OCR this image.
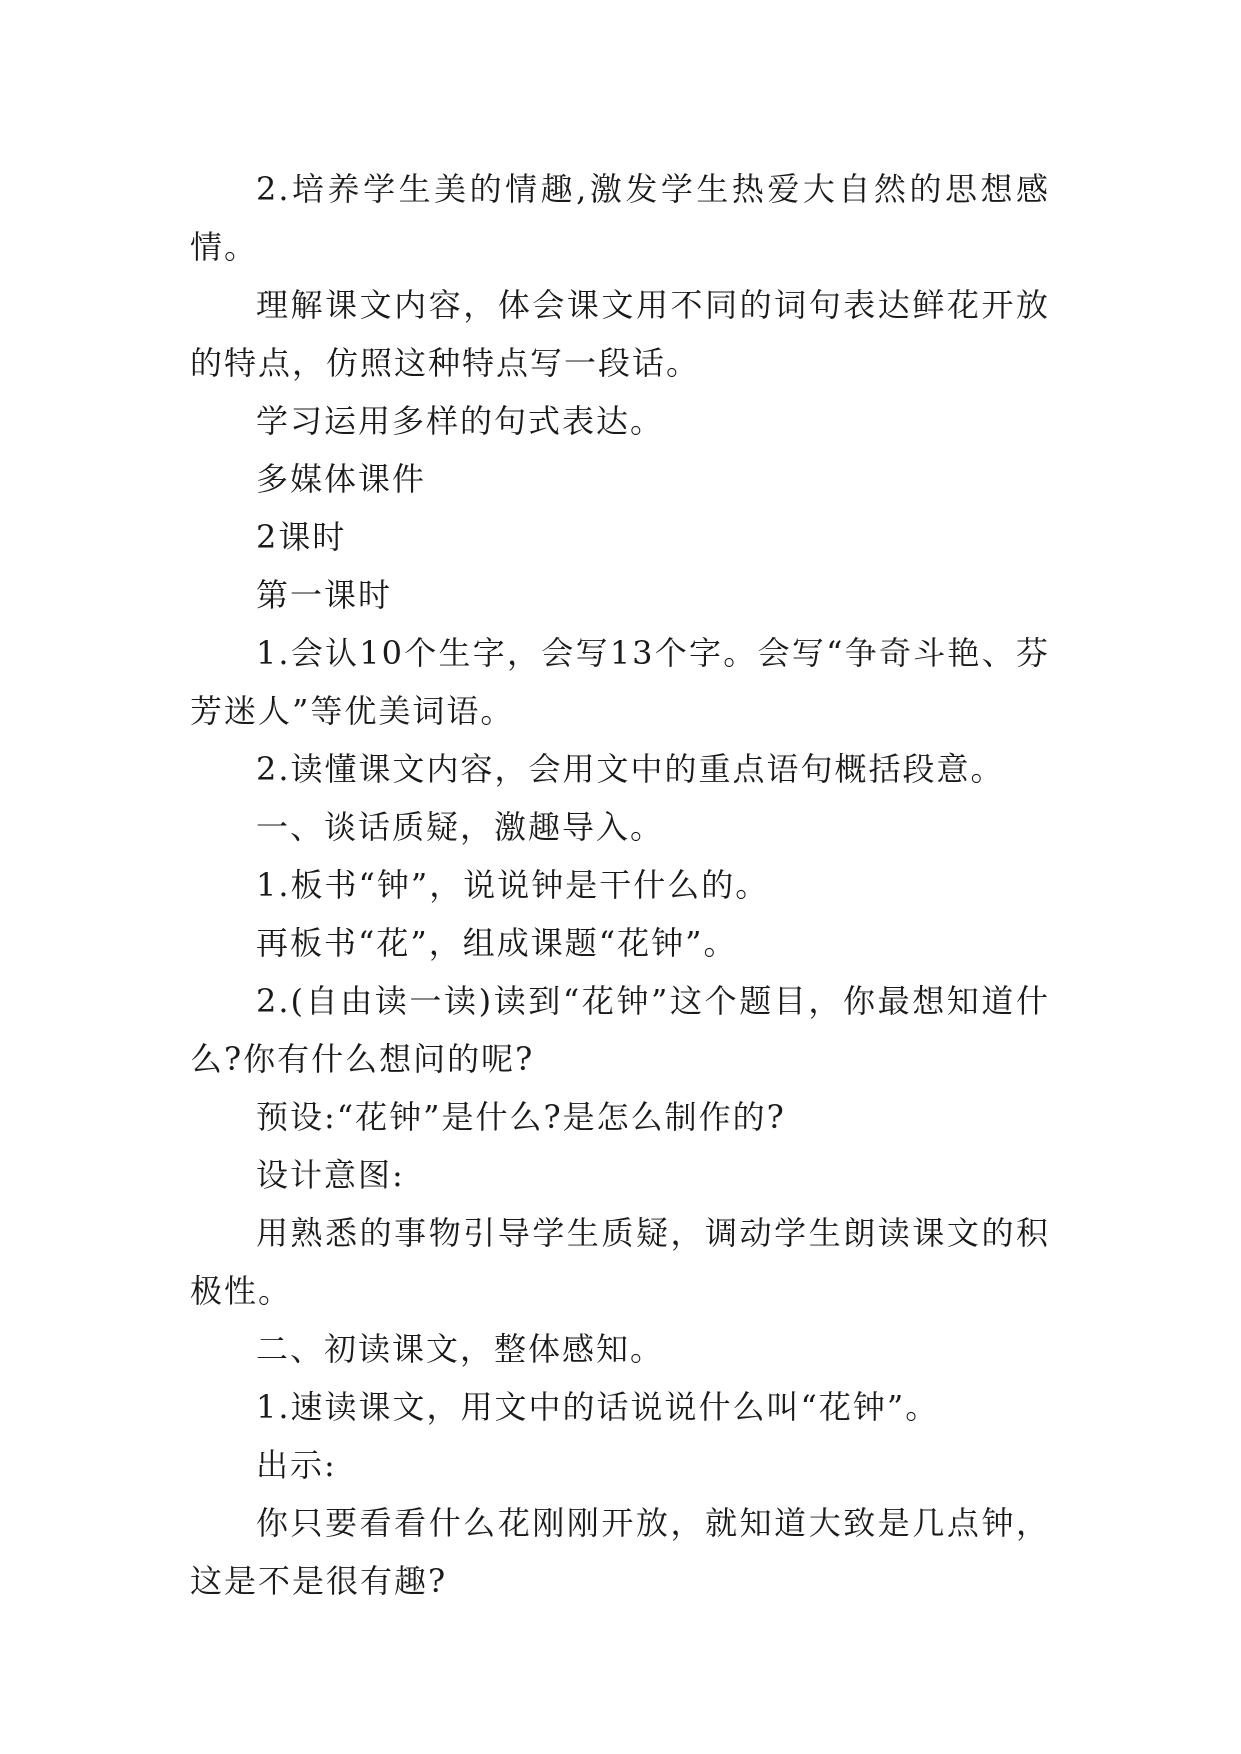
2.培养学生美的情趣,激发学生热爱大自然的思想感情。

理解课文内容，体会课文用不同的词句表达鲜花开放的特点，仿照这种特点写一段话。

学习运用多样的句式表达。

多媒体课件

2课时

第一课时

1.会认10个生字，会写13个字。会写“争奇斗艳、芬芳迷人”等优美词语。

2.读懂课文内容，会用文中的重点语句概括段意。

一、谈话质疑，激趣导入。

1.板书“钟”，说说钟是干什么的。

再板书“花”，组成课题“花钟”。

2.(自由读一读)读到“花钟”这个题目，你最想知道什么?你有什么想问的呢?

预设:“花钟”是什么?是怎么制作的?

设计意图:

用熟悉的事物引导学生质疑，调动学生朗读课文的积极性。

二、初读课文，整体感知。

1.速读课文，用文中的话说说什么叫“花钟”。

出示:

你只要看看什么花刚刚开放，就知道大致是几点钟，这是不是很有趣?
